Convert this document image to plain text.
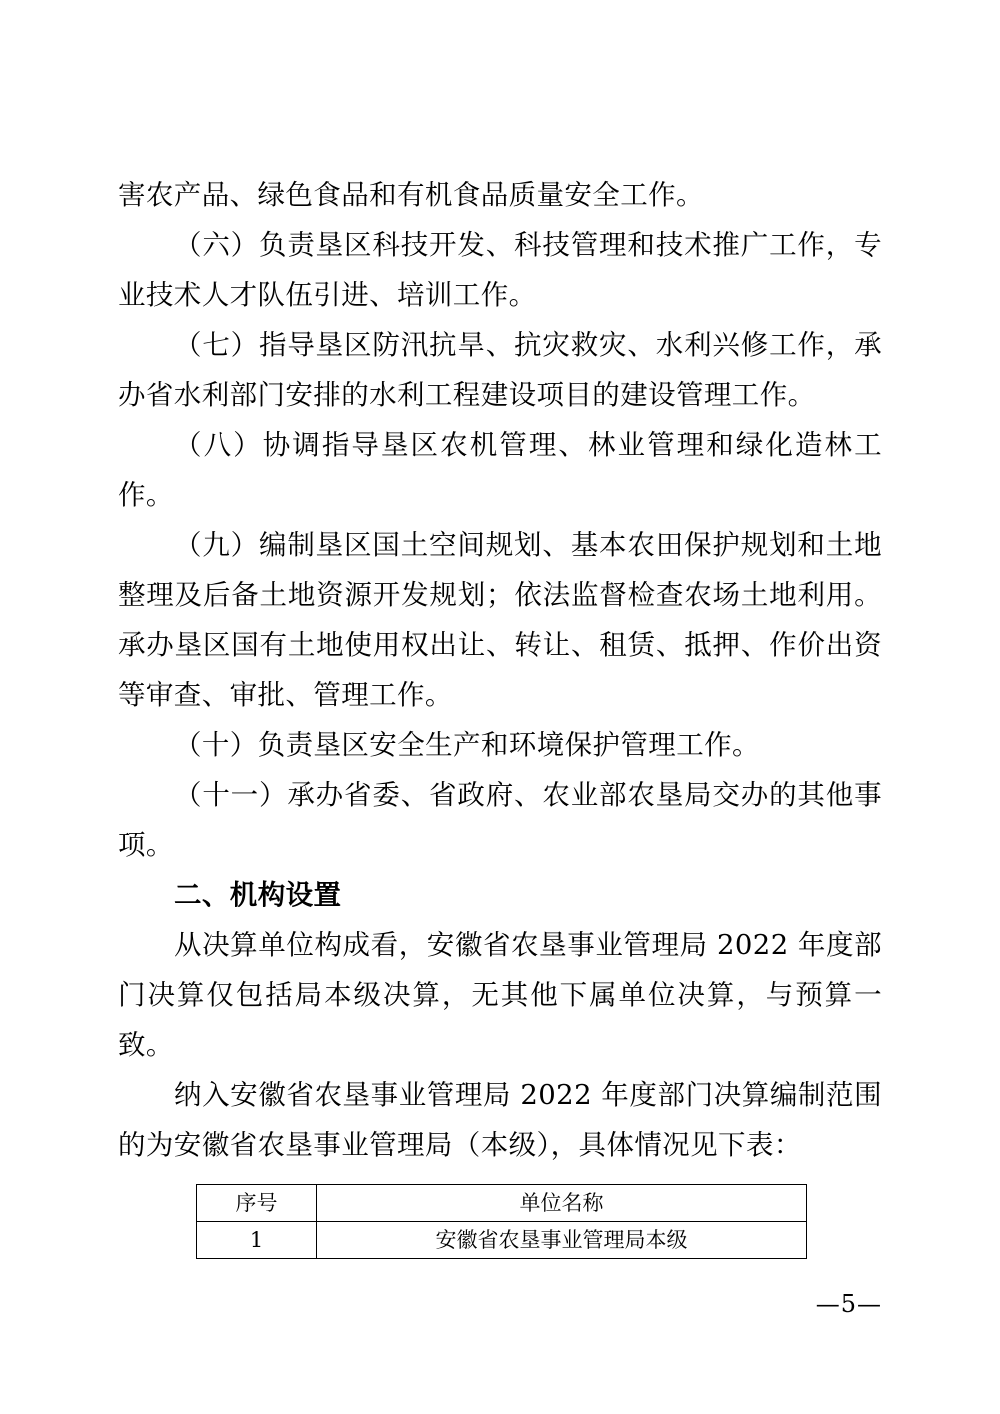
害农产品、绿色食品和有机食品质量安全工作。

（六）负责垦区科技开发、科技管理和技术推广工作，专业技术人才队伍引进、培训工作。

（七）指导垦区防汛抗旱、抗灾救灾、水利兴修工作，承办省水利部门安排的水利工程建设项目的建设管理工作。

（八）协调指导垦区农机管理、林业管理和绿化造林工作。

（九）编制垦区国土空间规划、基本农田保护规划和土地整理及后备土地资源开发规划；依法监督检查农场土地利用。承办垦区国有土地使用权出让、转让、租赁、抵押、作价出资等审查、审批、管理工作。

（十）负责垦区安全生产和环境保护管理工作。

（十一）承办省委、省政府、农业部农垦局交办的其他事项。

二、机构设置

从决算单位构成看，安徽省农垦事业管理局 2022 年度部门决算仅包括局本级决算，无其他下属单位决算，与预算一致。

纳入安徽省农垦事业管理局 2022 年度部门决算编制范围的为安徽省农垦事业管理局（本级），具体情况见下表：

序号	单位名称
1	安徽省农垦事业管理局本级
—5—
